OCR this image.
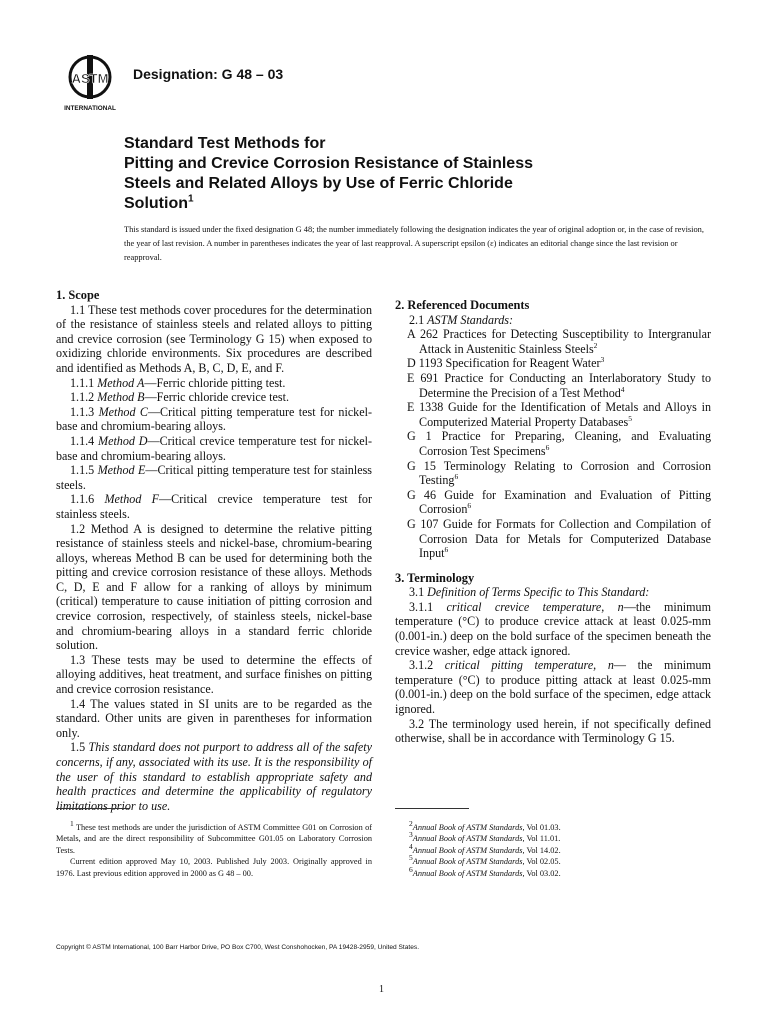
ASTM
INTERNATIONAL
Designation: G 48 – 03
Standard Test Methods for
Pitting and Crevice Corrosion Resistance of Stainless
Steels and Related Alloys by Use of Ferric Chloride
Solution$^1$
This standard is issued under the fixed designation G 48; the number immediately following the designation indicates the year of original adoption or, in the case of revision, the year of last revision. A number in parentheses indicates the year of last reapproval. A superscript epsilon (ε) indicates an editorial change since the last revision or reapproval.

1. Scope

1.1 These test methods cover procedures for the determination of the resistance of stainless steels and related alloys to pitting and crevice corrosion (see Terminology G 15) when exposed to oxidizing chloride environments. Six procedures are described and identified as Methods A, B, C, D, E, and F.

1.1.1 Method A—Ferric chloride pitting test.

1.1.2 Method B—Ferric chloride crevice test.

1.1.3 Method C—Critical pitting temperature test for nickel-base and chromium-bearing alloys.

1.1.4 Method D—Critical crevice temperature test for nickel-base and chromium-bearing alloys.

1.1.5 Method E—Critical pitting temperature test for stainless steels.

1.1.6 Method F—Critical crevice temperature test for stainless steels.

1.2 Method A is designed to determine the relative pitting resistance of stainless steels and nickel-base, chromium-bearing alloys, whereas Method B can be used for determining both the pitting and crevice corrosion resistance of these alloys. Methods C, D, E and F allow for a ranking of alloys by minimum (critical) temperature to cause initiation of pitting corrosion and crevice corrosion, respectively, of stainless steels, nickel-base and chromium-bearing alloys in a standard ferric chloride solution.

1.3 These tests may be used to determine the effects of alloying additives, heat treatment, and surface finishes on pitting and crevice corrosion resistance.

1.4 The values stated in SI units are to be regarded as the standard. Other units are given in parentheses for information only.

1.5 This standard does not purport to address all of the safety concerns, if any, associated with its use. It is the responsibility of the user of this standard to establish appropriate safety and health practices and determine the applicability of regulatory limitations prior to use.

2. Referenced Documents

2.1 ASTM Standards:

A 262 Practices for Detecting Susceptibility to Intergranular Attack in Austenitic Stainless Steels$^2$

D 1193 Specification for Reagent Water$^3$

E 691 Practice for Conducting an Interlaboratory Study to Determine the Precision of a Test Method$^4$

E 1338 Guide for the Identification of Metals and Alloys in Computerized Material Property Databases$^5$

G 1 Practice for Preparing, Cleaning, and Evaluating Corrosion Test Specimens$^6$

G 15 Terminology Relating to Corrosion and Corrosion Testing$^6$

G 46 Guide for Examination and Evaluation of Pitting Corrosion$^6$

G 107 Guide for Formats for Collection and Compilation of Corrosion Data for Metals for Computerized Database Input$^6$

3. Terminology

3.1 Definition of Terms Specific to This Standard:

3.1.1 critical crevice temperature, n—the minimum temperature (°C) to produce crevice attack at least 0.025-mm (0.001-in.) deep on the bold surface of the specimen beneath the crevice washer, edge attack ignored.

3.1.2 critical pitting temperature, n— the minimum temperature (°C) to produce pitting attack at least 0.025-mm (0.001-in.) deep on the bold surface of the specimen, edge attack ignored.

3.2 The terminology used herein, if not specifically defined otherwise, shall be in accordance with Terminology G 15.

$^1$ These test methods are under the jurisdiction of ASTM Committee G01 on Corrosion of Metals, and are the direct responsibility of Subcommittee G01.05 on Laboratory Corrosion Tests.

Current edition approved May 10, 2003. Published July 2003. Originally approved in 1976. Last previous edition approved in 2000 as G 48 – 00.

$^2$Annual Book of ASTM Standards, Vol 01.03.

$^3$Annual Book of ASTM Standards, Vol 11.01.

$^4$Annual Book of ASTM Standards, Vol 14.02.

$^5$Annual Book of ASTM Standards, Vol 02.05.

$^6$Annual Book of ASTM Standards, Vol 03.02.

Copyright © ASTM International, 100 Barr Harbor Drive, PO Box C700, West Conshohocken, PA 19428-2959, United States.
1
